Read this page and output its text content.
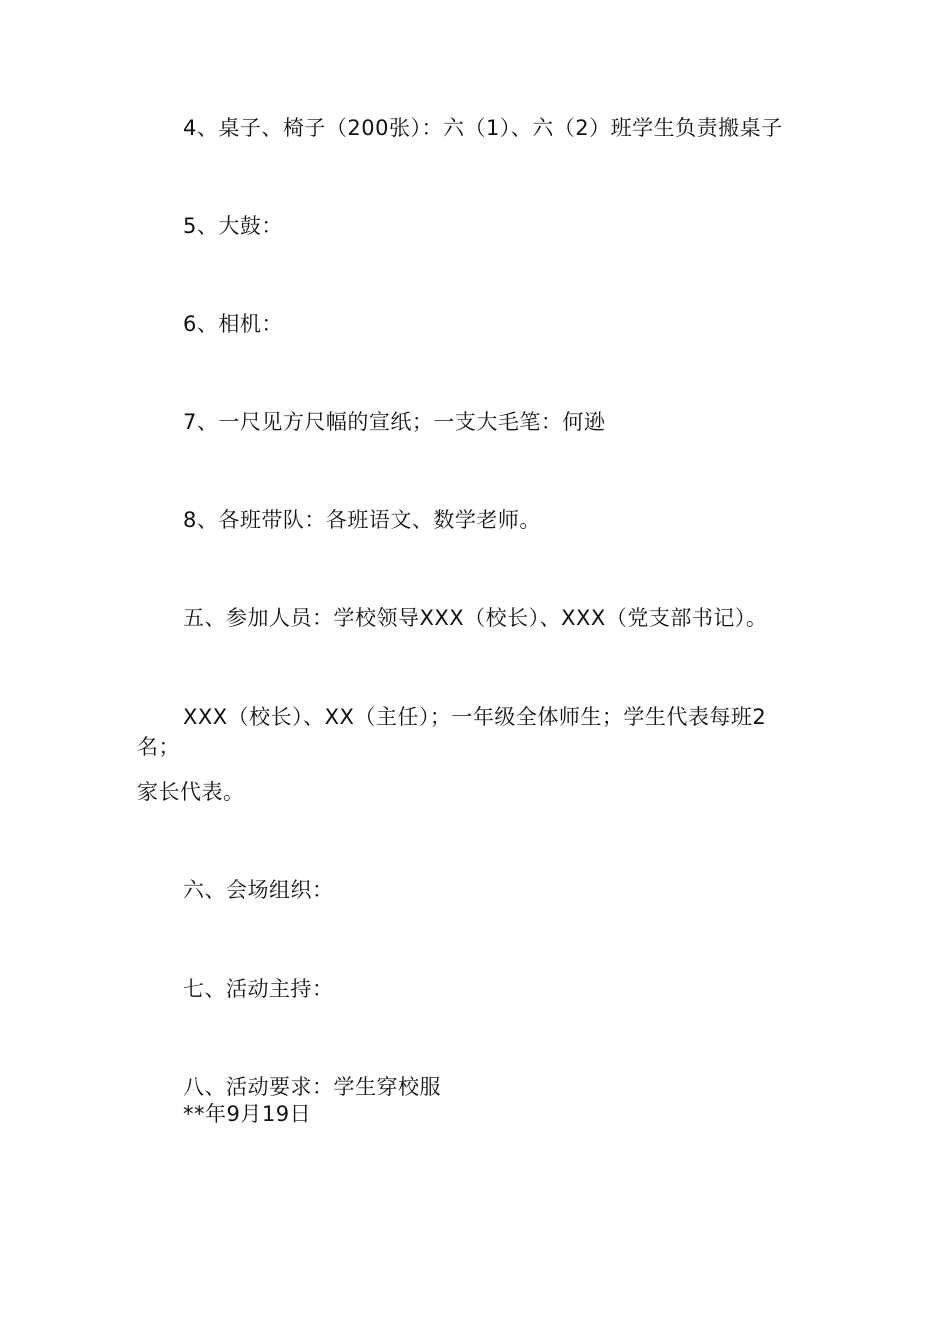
4、桌子、椅子（200张）：六（1）、六（2）班学生负责搬桌子
5、大鼓：
6、相机：
7、一尺见方尺幅的宣纸；一支大毛笔：何逊
8、各班带队：各班语文、数学老师。
五、参加人员：学校领导XXX（校长）、XXX（党支部书记）。
XXX（校长）、XX（主任）；一年级全体师生；学生代表每班2
名；
家长代表。
六、会场组织：
七、活动主持：
八、活动要求：学生穿校服
**年9月19日
